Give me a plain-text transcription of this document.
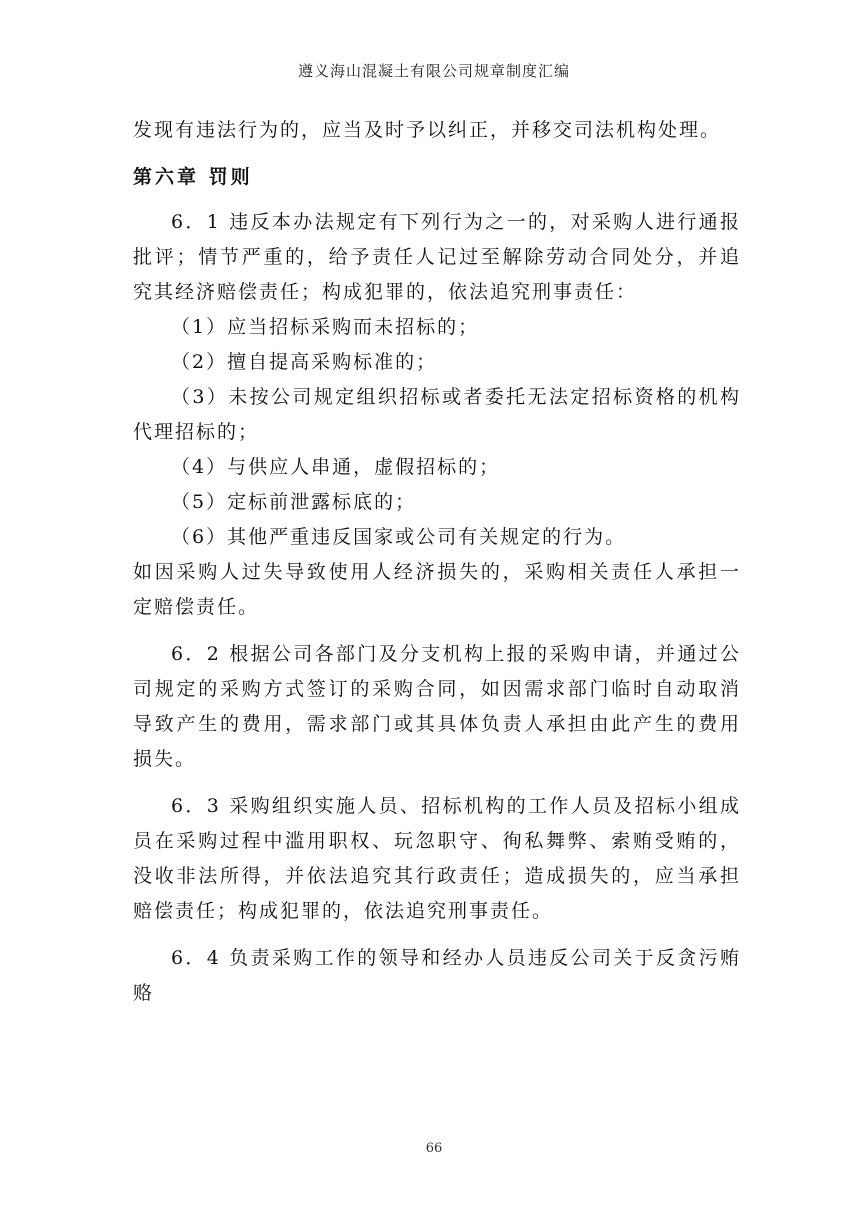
遵义海山混凝土有限公司规章制度汇编

发现有违法行为的，应当及时予以纠正，并移交司法机构处理。

第六章 罚则

6．1 违反本办法规定有下列行为之一的，对采购人进行通报批评；情节严重的，给予责任人记过至解除劳动合同处分，并追究其经济赔偿责任；构成犯罪的，依法追究刑事责任：

（1）应当招标采购而未招标的；

（2）擅自提高采购标准的；

（3）未按公司规定组织招标或者委托无法定招标资格的机构代理招标的；

（4）与供应人串通，虚假招标的；

（5）定标前泄露标底的；

（6）其他严重违反国家或公司有关规定的行为。

如因采购人过失导致使用人经济损失的，采购相关责任人承担一定赔偿责任。

6．2 根据公司各部门及分支机构上报的采购申请，并通过公司规定的采购方式签订的采购合同，如因需求部门临时自动取消导致产生的费用，需求部门或其具体负责人承担由此产生的费用损失。

6．3 采购组织实施人员、招标机构的工作人员及招标小组成员在采购过程中滥用职权、玩忽职守、徇私舞弊、索贿受贿的，没收非法所得，并依法追究其行政责任；造成损失的，应当承担赔偿责任；构成犯罪的，依法追究刑事责任。

6．4 负责采购工作的领导和经办人员违反公司关于反贪污贿赂

66
